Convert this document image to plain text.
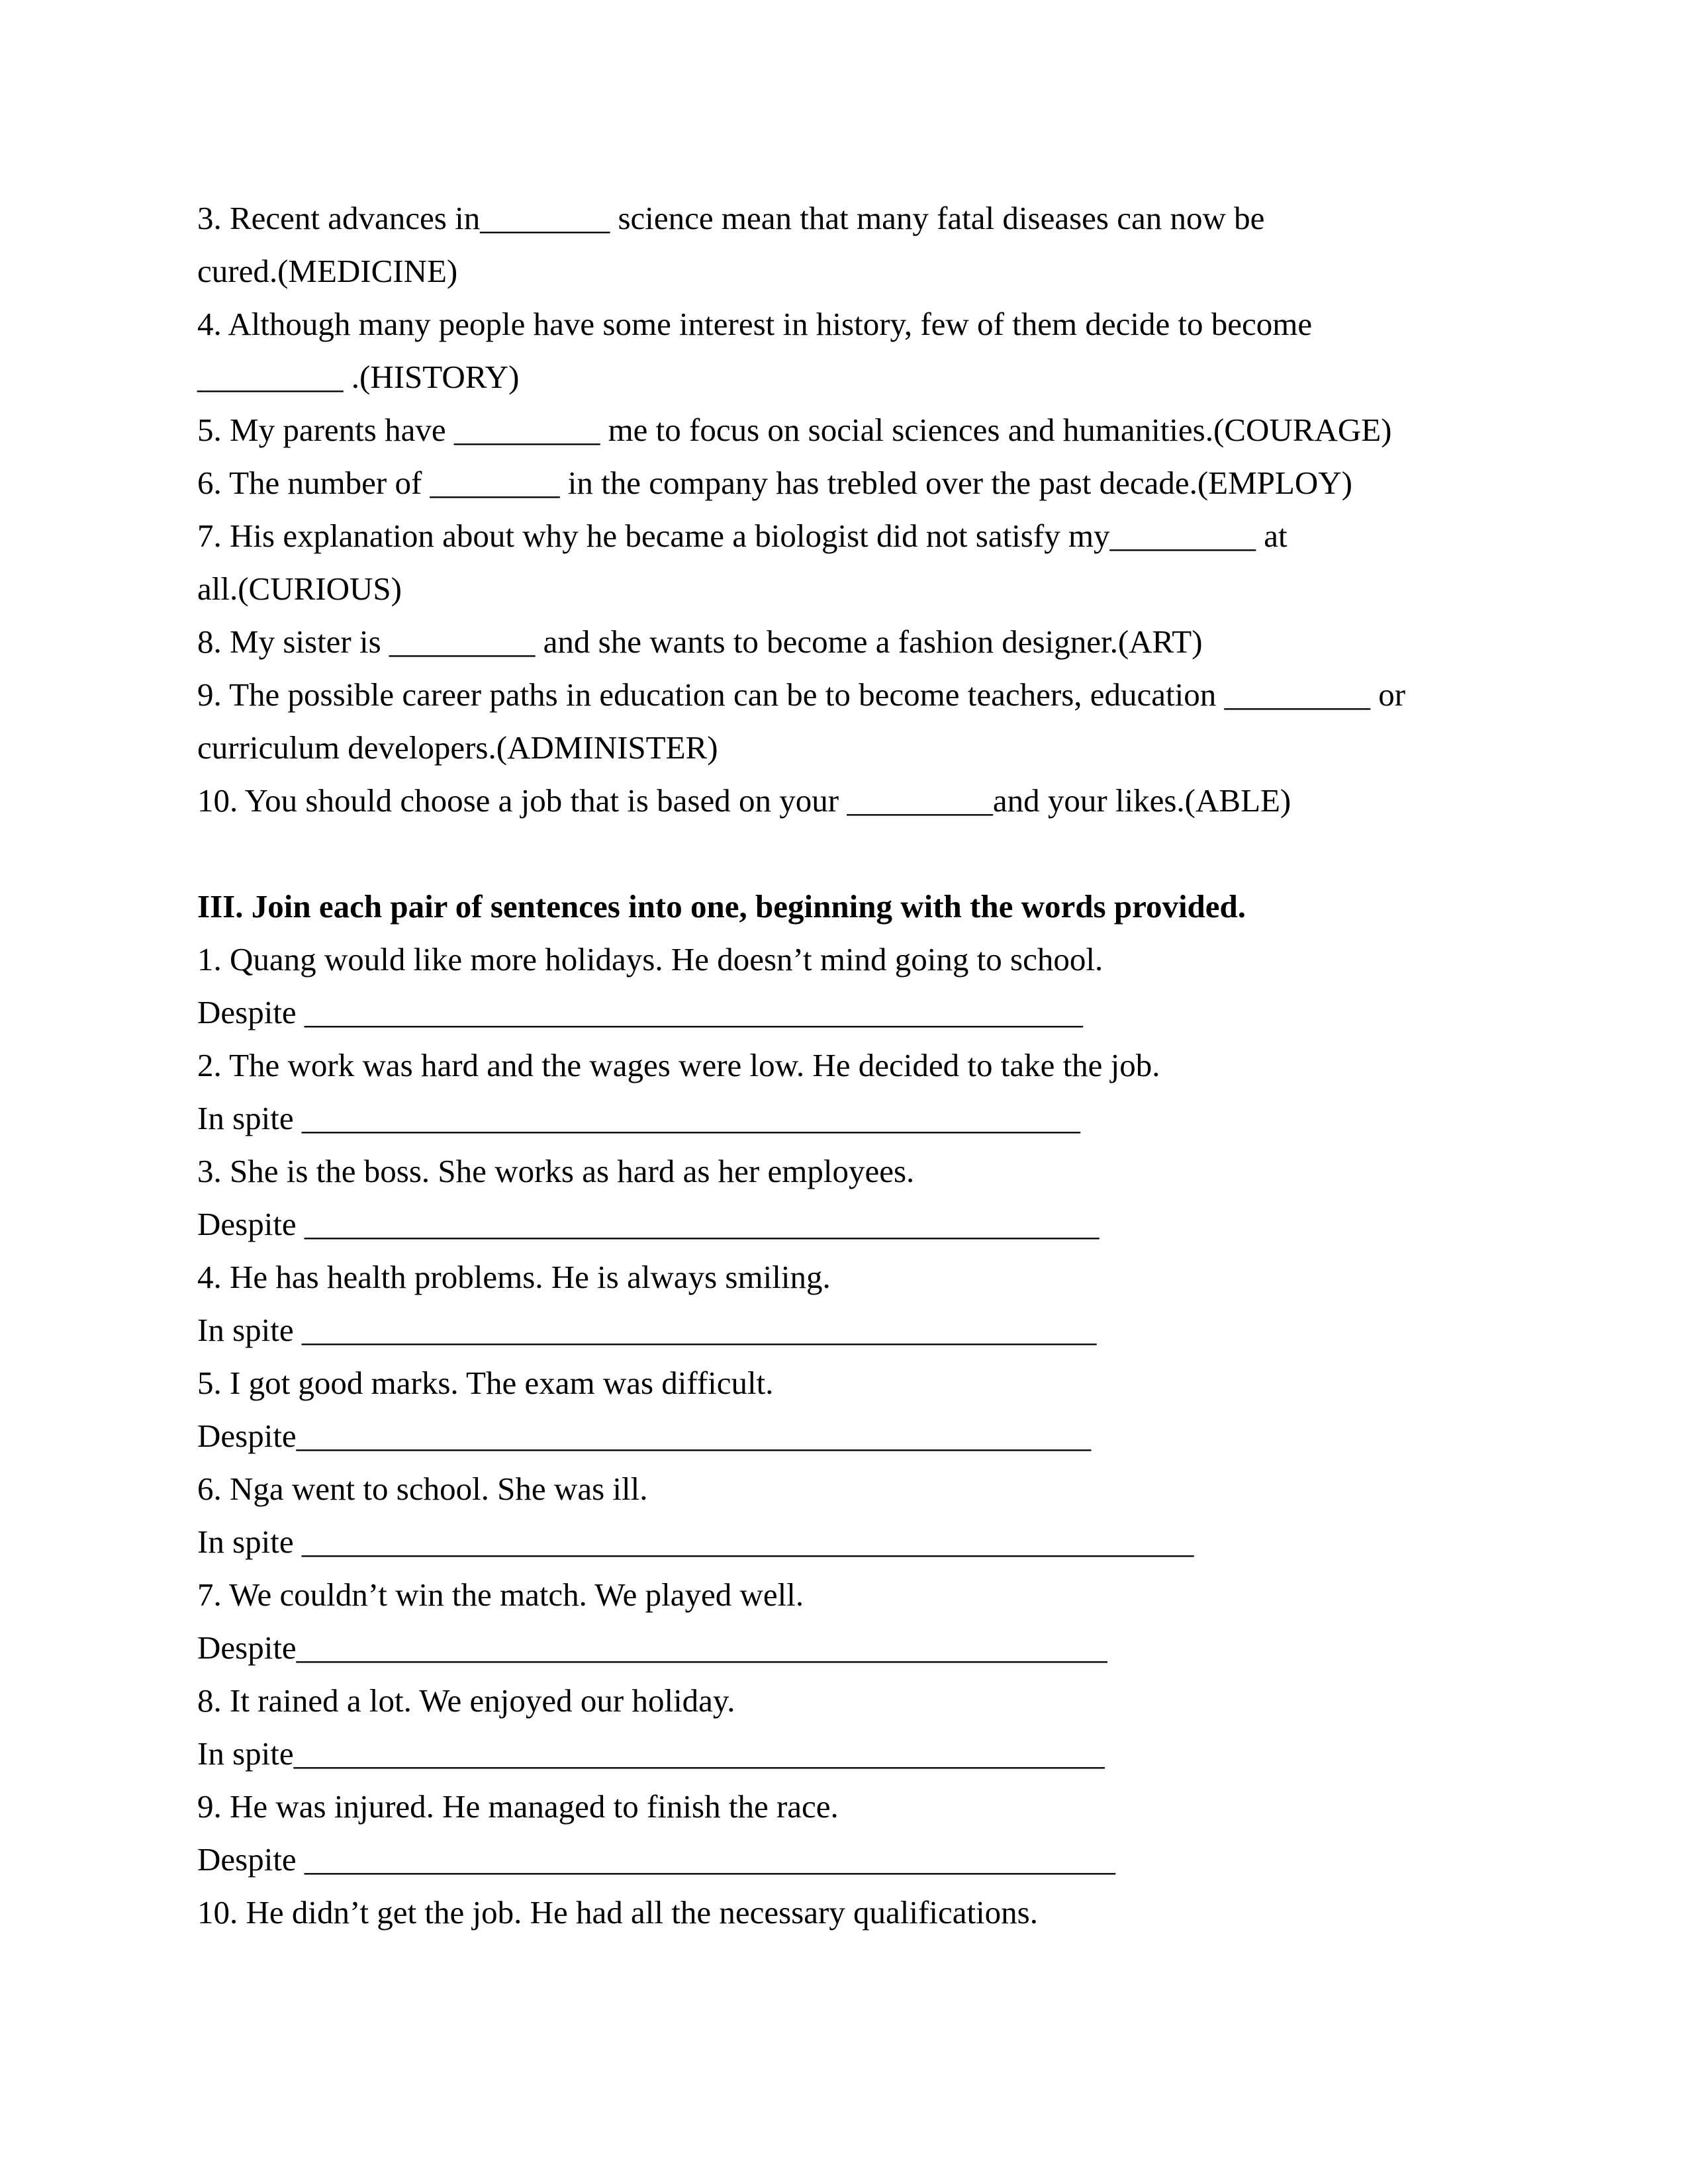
3. Recent advances in________ science mean that many fatal diseases can now be
cured.(MEDICINE)
4. Although many people have some interest in history, few of them decide to become
_________ .(HISTORY)
5. My parents have _________ me to focus on social sciences and humanities.(COURAGE)
6. The number of ________ in the company has trebled over the past decade.(EMPLOY)
7. His explanation about why he became a biologist did not satisfy my_________ at
all.(CURIOUS)
8. My sister is _________ and she wants to become a fashion designer.(ART)
9. The possible career paths in education can be to become teachers, education _________ or
curriculum developers.(ADMINISTER)
10. You should choose a job that is based on your _________and your likes.(ABLE)
III. Join each pair of sentences into one, beginning with the words provided.
1. Quang would like more holidays. He doesn’t mind going to school.
Despite ________________________________________________
2. The work was hard and the wages were low. He decided to take the job.
In spite ________________________________________________
3. She is the boss. She works as hard as her employees.
Despite _________________________________________________
4. He has health problems. He is always smiling.
In spite _________________________________________________
5. I got good marks. The exam was difficult.
Despite_________________________________________________
6. Nga went to school. She was ill.
In spite _______________________________________________________
7. We couldn’t win the match. We played well.
Despite__________________________________________________
8. It rained a lot. We enjoyed our holiday.
In spite__________________________________________________
9. He was injured. He managed to finish the race.
Despite __________________________________________________
10. He didn’t get the job. He had all the necessary qualifications.
